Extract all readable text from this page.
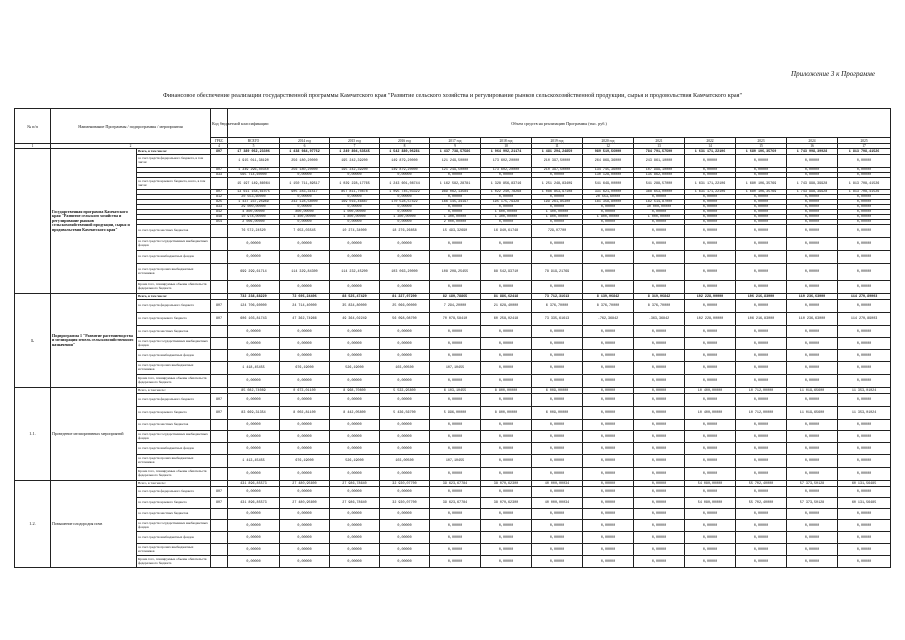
Приложение 3 к Программе
Финансовое обеспечение реализации государственной программы Камчатского края "Развитие сельского хозяйства и регулирование рынков сельскохозяйственной продукции, сырья и продовольствия Камчатского края"
№ п/п	Наименование Программы / подпрограммы / мероприятия		Код бюджетной классификации	Объем средств на реализацию Программы (тыс. руб.)												
			ГРБС	ВСЕГО	2014 год	2015 год	2016 год	2017 год	2018 год	2019 год	2020 год	2021	2022	2023	2024	2025
1	2		4	5	6	7	8	9	10	11	12	13	14	15	16	17
	Государственная программа Камчатского края "Развитие сельского хозяйства и регулирование рынков сельскохозяйственной продукции, сырья и продовольствия Камчатского края"	Всего, в том числе:	807	17 389 052,23306	1 438 984,97762	1 249 804,63545	1 542 880,06281	1 437 738,57586	1 964 992,21174	1 481 294,24859	989 519,56000	784 791,57500	1 631 171,22106	1 680 106,35769	1 743 998,39928	1 813 708,41526
		за счет средств федерального бюджета, в том числе:		1 915 011,38190	256 180,20000	195 242,39200	149 879,20000	121 249,50000	173 602,20000	210 397,50000	264 869,36000	243 861,10000	0,00000	0,00000	0,00000	0,00000
			807	1 349 296,40350	256 180,20000	195 242,39200	149 879,20000	121 249,50000	173 602,20000	210 397,50000	134 745,36000	107 999,10000	0,00000	0,00000	0,00000	0,00000
			833	565 714,60000	0,00000	0,00000	0,00000	0,00000	0,00000	0,00000	130 128,00000	135 862,00000	0,00000	0,00000	0,00000	0,00000
		за счет средств краевого бюджета, всего, в том числе:		15 197 149,86064	1 150 711,89517	1 029 228,17765	1 243 601,08744	1 162 582,28781	1 328 856,83716	1 251 248,83409	541 649,00000	541 288,57000	1 631 171,22106	1 680 106,35769	1 743 998,39928	1 813 708,41526
			807	13 611 158,61075	905 283,31517	857 811,70878	1 095 745,03322	989 062,13584	1 022 240,78268	1 086 853,97108	331 621,00000	388 653,00000	1 631 171,22106	1 680 106,35769	1 743 998,39928	1 813 708,41526
			812	20 553,60000	0,00000	0,00000	0,00000	0,00000	0,00000	0,00000	20 553,60000	0,00000	0,00000	0,00000	0,00000	0,00000
			825	1 437 237,25989	242 128,58000	169 016,46887	170 528,57422	166 145,34197	195 175,79328	199 261,85300	181 358,80000	182 514,87000	0,00000	0,00000	0,00000	0,00000
			833	29 000,00000	0,00000	0,00000	0,00000	0,00000	0,00000	0,00000	0,00000	30 000,00000	0,00000	0,00000	0,00000	0,00000
			842	4 800,00000	800,00000	1 000,00000	0,00000	0,00000	1 600,00000	1 400,00000	0,00000	0,00000	0,00000	0,00000	0,00000	0,00000
			848	10 978,00000	1 400,00000	1 800,00000	1 300,00000	1 300,00000	1 300,00000	1 800,00000	1 800,00000	1 000,00000	0,00000	0,00000	0,00000	0,00000
			854	2 006,00000	0,00000	0,00000	0,00000	2 000,00000	0,00000	0,00000	0,00000	0,00000	0,00000	0,00000	0,00000	0,00000
		за счет средств местных бюджетов		76 572,24520	7 653,03545	10 274,34000	18 276,26858	15 493,32690	16 940,61748	729,07700	0,00000	0,00000	0,00000	0,00000	0,00000	0,00000
		за счет средств государственных внебюджетных фондов		0,00000	0,00000	0,00000	0,00000	0,00000	0,00000	0,00000	0,00000	0,00000	0,00000	0,00000	0,00000	0,00000
		за счет средств внебюджетных фондов		0,00000	0,00000	0,00000	0,00000	0,00000	0,00000	0,00000	0,00000	0,00000	0,00000	0,00000	0,00000	0,00000
		за счет средств прочих внебюджетных источников		699 299,61714	114 329,84300	114 232,45200	103 063,20000	108 208,25455	88 542,93710	78 919,21769	0,00000	0,00000	0,00000	0,00000	0,00000	0,00000
		Кроме того, планируемые объемы обязательств федерального бюджета		0,00000	0,00000	0,00000	0,00000	0,00000	0,00000	0,00000	0,00000	0,00000	0,00000	0,00000	0,00000	0,00000
1.	Подпрограмма 1 "Развитие растениеводства и мелиорация земель сельскохозяйственного назначения"	Всего, в том числе:		732 238,88229	72 695,24406	88 525,47429	81 227,07200	82 180,78865	81 886,62418	73 712,31613	8 139,06842	8 319,06842	102 228,00000	106 216,83000	110 236,63000	114 270,89003
		за счет средств федерального бюджета	807	124 706,60000	24 714,40000	35 834,80000	25 066,00000	7 294,20000	21 628,40000	6 376,70000	8 376,70000	8 376,70000	0,00000	0,00000	0,00000	0,00000
		за счет средств краевого бюджета	807	606 103,81743	47 362,74966	49 364,02249	56 098,08700	70 078,58410	60 258,02418	73 335,61613	-762,36842	-363,36842	102 228,00000	106 216,83000	110 236,63000	114 270,89003
		за счет средств местных бюджетов		0,00000	0,00000	0,00000	0,00000	0,00000	0,00000	0,00000	0,00000	0,00000	0,00000	0,00000	0,00000	0,00000
		за счет средств государственных внебюджетных фондов		0,00000	0,00000	0,00000	0,00000	0,00000	0,00000	0,00000	0,00000	0,00000	0,00000	0,00000	0,00000	0,00000
		за счет средств внебюджетных фондов		0,00000	0,00000	0,00000	0,00000	0,00000	0,00000	0,00000	0,00000	0,00000	0,00000	0,00000	0,00000	0,00000
		за счет средств прочих внебюджетных источников		1 418,45455	676,19000	526,19000	103,00500	107,10455	0,00000	0,00000	0,00000	0,00000	0,00000	0,00000	0,00000	0,00000
		Кроме того, планируемые объемы обязательств федерального бюджета		0,00000	0,00000	0,00000	0,00000	0,00000	0,00000	0,00000	0,00000	0,00000	0,00000	0,00000	0,00000	0,00000
1.1.	Проведение мелиоративных мероприятий	Всего, в том числе:		85 082,74089	0 673,01100	8 968,70800	5 533,95800	6 103,10455	8 800,00000	6 009,00000	0,00000	0,00000	10 400,00000	10 712,00000	11 019,65600	11 353,01024
		за счет средств федерального бюджета	807	0,00000	0,00000	0,00000	0,00000	0,00000	0,00000	0,00000	0,00000	0,00000	0,00000	0,00000	0,00000	0,00000
		за счет средств краевого бюджета	807	83 669,31354	8 002,81100	8 442,05800	5 436,56700	5 996,00000	8 800,00000	6 009,00000	0,00000	0,00000	10 400,00000	10 712,00000	11 019,65600	11 353,01024
		за счет средств местных бюджетов		0,00000	0,00000	0,00000	0,00000	0,00000	0,00000	0,00000	0,00000	0,00000	0,00000	0,00000	0,00000	0,00000
		за счет средств государственных внебюджетных фондов		0,00000	0,00000	0,00000	0,00000	0,00000	0,00000	0,00000	0,00000	0,00000	0,00000	0,00000	0,00000	0,00000
		за счет средств внебюджетных фондов		0,00000	0,00000	0,00000	0,00000	0,00000	0,00000	0,00000	0,00000	0,00000	0,00000	0,00000	0,00000	0,00000
		за счет средств прочих внебюджетных источников		1 413,45455	676,19000	526,19000	103,00500	107,10455	0,00000	0,00000	0,00000	0,00000	0,00000	0,00000	0,00000	0,00000
		Кроме того, планируемые объемы обязательств федерального бюджета		0,00000	0,00000	0,00000	0,00000	0,00000	0,00000	0,00000	0,00000	0,00000	0,00000	0,00000	0,00000	0,00000
1.2.	Повышение плодородия почв	Всего, в том числе:		431 896,85573	27 480,95600	27 986,78640	32 930,07700	39 623,67784	38 070,62300	40 000,00034	0,00000	0,00000	54 080,00000	55 702,40000	57 373,50128	60 131,56485
		за счет средств федерального бюджета	807	0,00000	0,00000	0,00000	0,00000	0,00000	0,00000	0,00000	0,00000	0,00000	0,00000	0,00000	0,00000	0,00000
		за счет средств краевого бюджета	807	431 896,85573	27 480,95600	27 986,78640	32 930,07700	39 623,67784	38 070,62300	40 000,00034	0,00000	0,00000	54 080,00000	55 702,40000	57 373,50128	60 131,56485
		за счет средств местных бюджетов		0,00000	0,00000	0,00000	0,00000	0,00000	0,00000	0,00000	0,00000	0,00000	0,00000	0,00000	0,00000	0,00000
		за счет средств государственных внебюджетных фондов		0,00000	0,00000	0,00000	0,00000	0,00000	0,00000	0,00000	0,00000	0,00000	0,00000	0,00000	0,00000	0,00000
		за счет средств внебюджетных фондов		0,00000	0,00000	0,00000	0,00000	0,00000	0,00000	0,00000	0,00000	0,00000	0,00000	0,00000	0,00000	0,00000
		за счет средств прочих внебюджетных источников		0,00000	0,00000	0,00000	0,00000	0,00000	0,00000	0,00000	0,00000	0,00000	0,00000	0,00000	0,00000	0,00000
		Кроме того, планируемые объемы обязательств федерального бюджета		0,00000	0,00000	0,00000	0,00000	0,00000	0,00000	0,00000	0,00000	0,00000	0,00000	0,00000	0,00000	0,00000
